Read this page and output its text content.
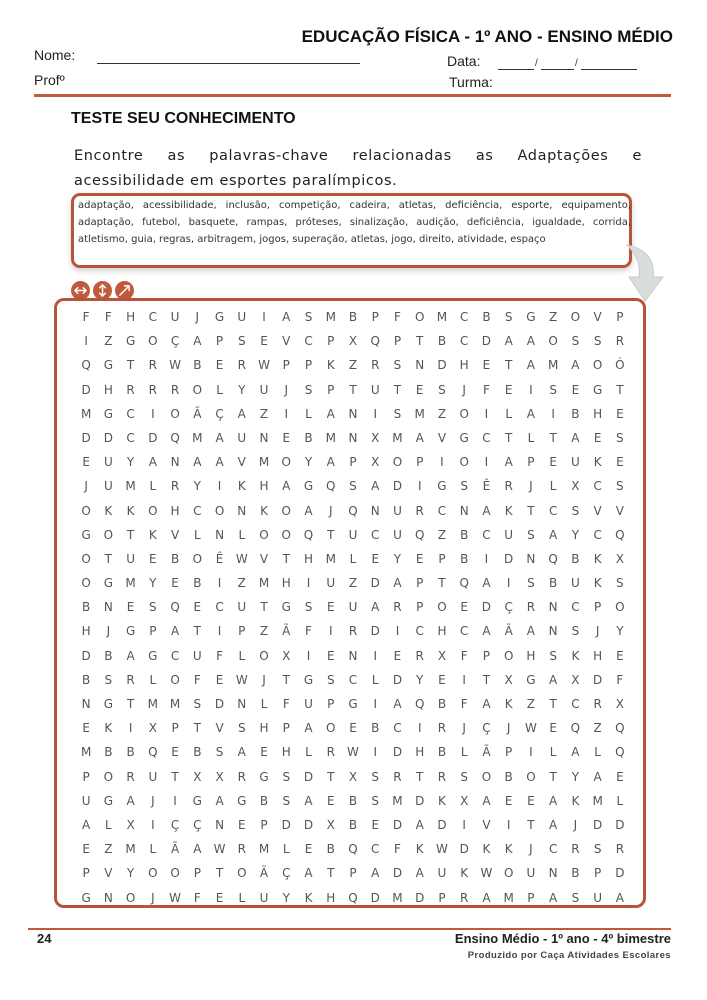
EDUCAÇÃO FÍSICA - 1º ANO - ENSINO MÉDIO
Nome:
Profº
Data:	/	/
Turma:
TESTE SEU CONHECIMENTO
Encontre as palavras-chave relacionadas as Adaptações e
acessibilidade em esportes paralímpicos.
adaptação, acessibilidade, inclusão, competição, cadeira, atletas, deficiência, esporte, equipamento, adaptação, futebol, basquete, rampas, próteses, sinalização, audição, deficiência, igualdade, corrida, atletismo, guia, regras, arbitragem, jogos, superação, atletas, jogo, direito, atividade, espaço
F	F	H	C	U	J	G	U	I	A	S	M	B	P	F	O	M	C	B	S	G	Z	O	V	P
I	Z	G	O	Ç	A	P	S	E	V	C	P	X	Q	P	T	B	C	D	A	A	O	S	S	R
Q	G	T	R	W	B	E	R	W	P	P	K	Z	R	S	N	D	H	E	T	A	M	A	O	Ó
D	H	R	R	R	O	L	Y	U	J	S	P	T	U	T	E	S	J	F	E	I	S	E	G	T
M	G	C	I	O	Ã	Ç	A	Z	I	L	A	N	I	S	M	Z	O	I	L	A	I	B	H	E
D	D	C	D	Q	M	A	U	N	E	B	M	N	X	M	A	V	G	C	T	L	T	A	E	S
E	U	Y	A	N	A	A	V	M	O	Y	A	P	X	O	P	I	O	I	A	P	E	U	K	E
J	U	M	L	R	Y	I	K	H	A	G	Q	S	A	D	I	G	S	Ê	R	J	L	X	C	S
O	K	K	O	H	C	O	N	K	O	A	J	Q	N	U	R	C	N	A	K	T	C	S	V	V
G	O	T	K	V	L	N	L	O	O	Q	T	U	C	U	Q	Z	B	C	U	S	A	Y	C	Q
O	T	U	E	B	O	Ê	W	V	T	H	M	L	E	Y	E	P	B	I	D	N	Q	B	K	X
O	G	M	Y	E	B	I	Z	M	H	I	U	Z	D	A	P	T	Q	A	I	S	B	U	K	S
B	N	E	S	Q	E	C	U	T	G	S	E	U	A	R	P	O	E	D	Ç	R	N	C	P	O
H	J	G	P	A	T	I	P	Z	Ã	F	I	R	D	I	C	H	C	A	Ã	A	N	S	J	Y
D	B	A	G	C	U	F	L	O	X	I	E	N	I	E	R	X	F	P	O	H	S	K	H	E
B	S	R	L	O	F	E	W	J	T	G	S	C	L	D	Y	E	I	T	X	G	A	X	D	F
N	G	T	M M	S	D	N	L	F	U	P	G	I	A	Q	B	F	A	K	Z	T	C	R	X
E	K	I	X	P	T	V	S	H	P	A	O	E	B	C	I	R	J	Ç	J	W	E	Q	Z	Q
M	B	B	Q	E	B	S	A	E	H	L	R	W	I	D	H	B	L	Ã	P	I	L	A	L	Q
P	O	R	U	T	X	X	R	G	S	D	T	X	S	R	T	R	S	O	B	O	T	Y	A	E
U	G	A	J	I	G	A	G	B	S	A	E	B	S	M	D	K	X	A	E	E	A	K	M	L
A	L	X	I	Ç	Ç	N	E	P	D	D	X	B	E	D	A	D	I	V	I	T	A	J	D	D
E	Z	M	L	Ã	A	W	R	M	L	E	B	Q	C	F	K	W D	K	K	J	C	R	S	R
P	V	Y	O	O	P	T	O	Ã	Ç	A	T	P	A	D	A	U	K	W O	U	N	B	P	D
G	N	O	J	W	F	E	L	U	Y	K	H	Q	D	M	D	P	R	A	M	P	A	S	U	A
24	Ensino Médio - 1º ano - 4º bimestre
Produzido por Caça Atividades Escolares
